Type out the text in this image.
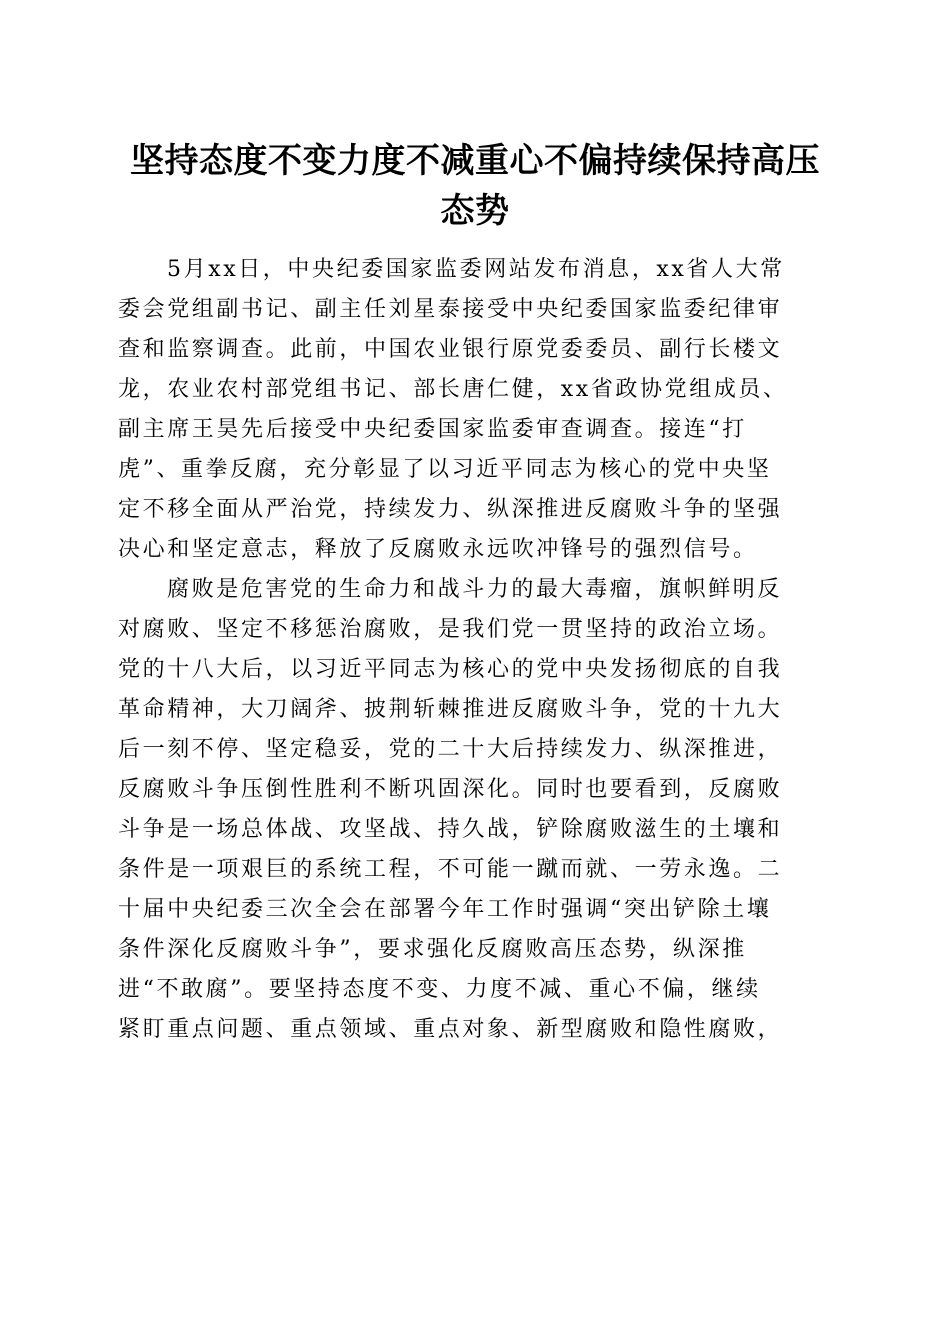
坚持态度不变力度不减重心不偏持续保持高压
态势

5月xx日，中央纪委国家监委网站发布消息，xx省人大常
委会党组副书记、副主任刘星泰接受中央纪委国家监委纪律审
查和监察调查。此前，中国农业银行原党委委员、副行长楼文
龙，农业农村部党组书记、部长唐仁健，xx省政协党组成员、
副主席王昊先后接受中央纪委国家监委审查调查。接连“打
虎”、重拳反腐，充分彰显了以习近平同志为核心的党中央坚
定不移全面从严治党，持续发力、纵深推进反腐败斗争的坚强
决心和坚定意志，释放了反腐败永远吹冲锋号的强烈信号。

腐败是危害党的生命力和战斗力的最大毒瘤，旗帜鲜明反
对腐败、坚定不移惩治腐败，是我们党一贯坚持的政治立场。
党的十八大后，以习近平同志为核心的党中央发扬彻底的自我
革命精神，大刀阔斧、披荆斩棘推进反腐败斗争，党的十九大
后一刻不停、坚定稳妥，党的二十大后持续发力、纵深推进，
反腐败斗争压倒性胜利不断巩固深化。同时也要看到，反腐败
斗争是一场总体战、攻坚战、持久战，铲除腐败滋生的土壤和
条件是一项艰巨的系统工程，不可能一蹴而就、一劳永逸。二
十届中央纪委三次全会在部署今年工作时强调“突出铲除土壤
条件深化反腐败斗争”，要求强化反腐败高压态势，纵深推
进“不敢腐”。要坚持态度不变、力度不减、重心不偏，继续
紧盯重点问题、重点领域、重点对象、新型腐败和隐性腐败，
